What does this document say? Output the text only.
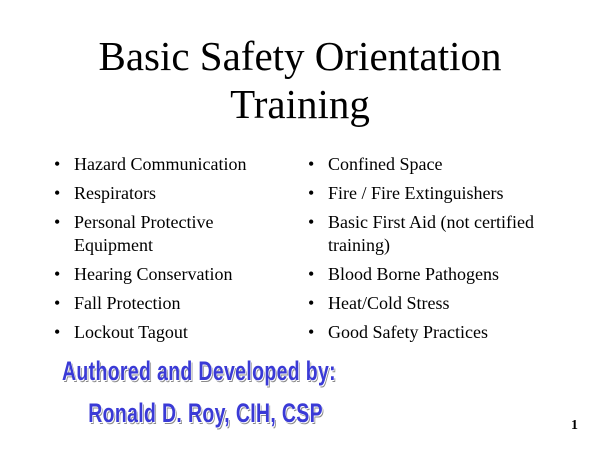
Basic Safety Orientation
Training
• Hazard Communication
• Respirators
• Personal Protective Equipment
• Hearing Conservation
• Fall Protection
• Lockout Tagout
• Confined Space
• Fire / Fire Extinguishers
• Basic First Aid (not certified training)
• Blood Borne Pathogens
• Heat/Cold Stress
• Good Safety Practices
Authored and Developed by:
Ronald D. Roy, CIH, CSP	1
